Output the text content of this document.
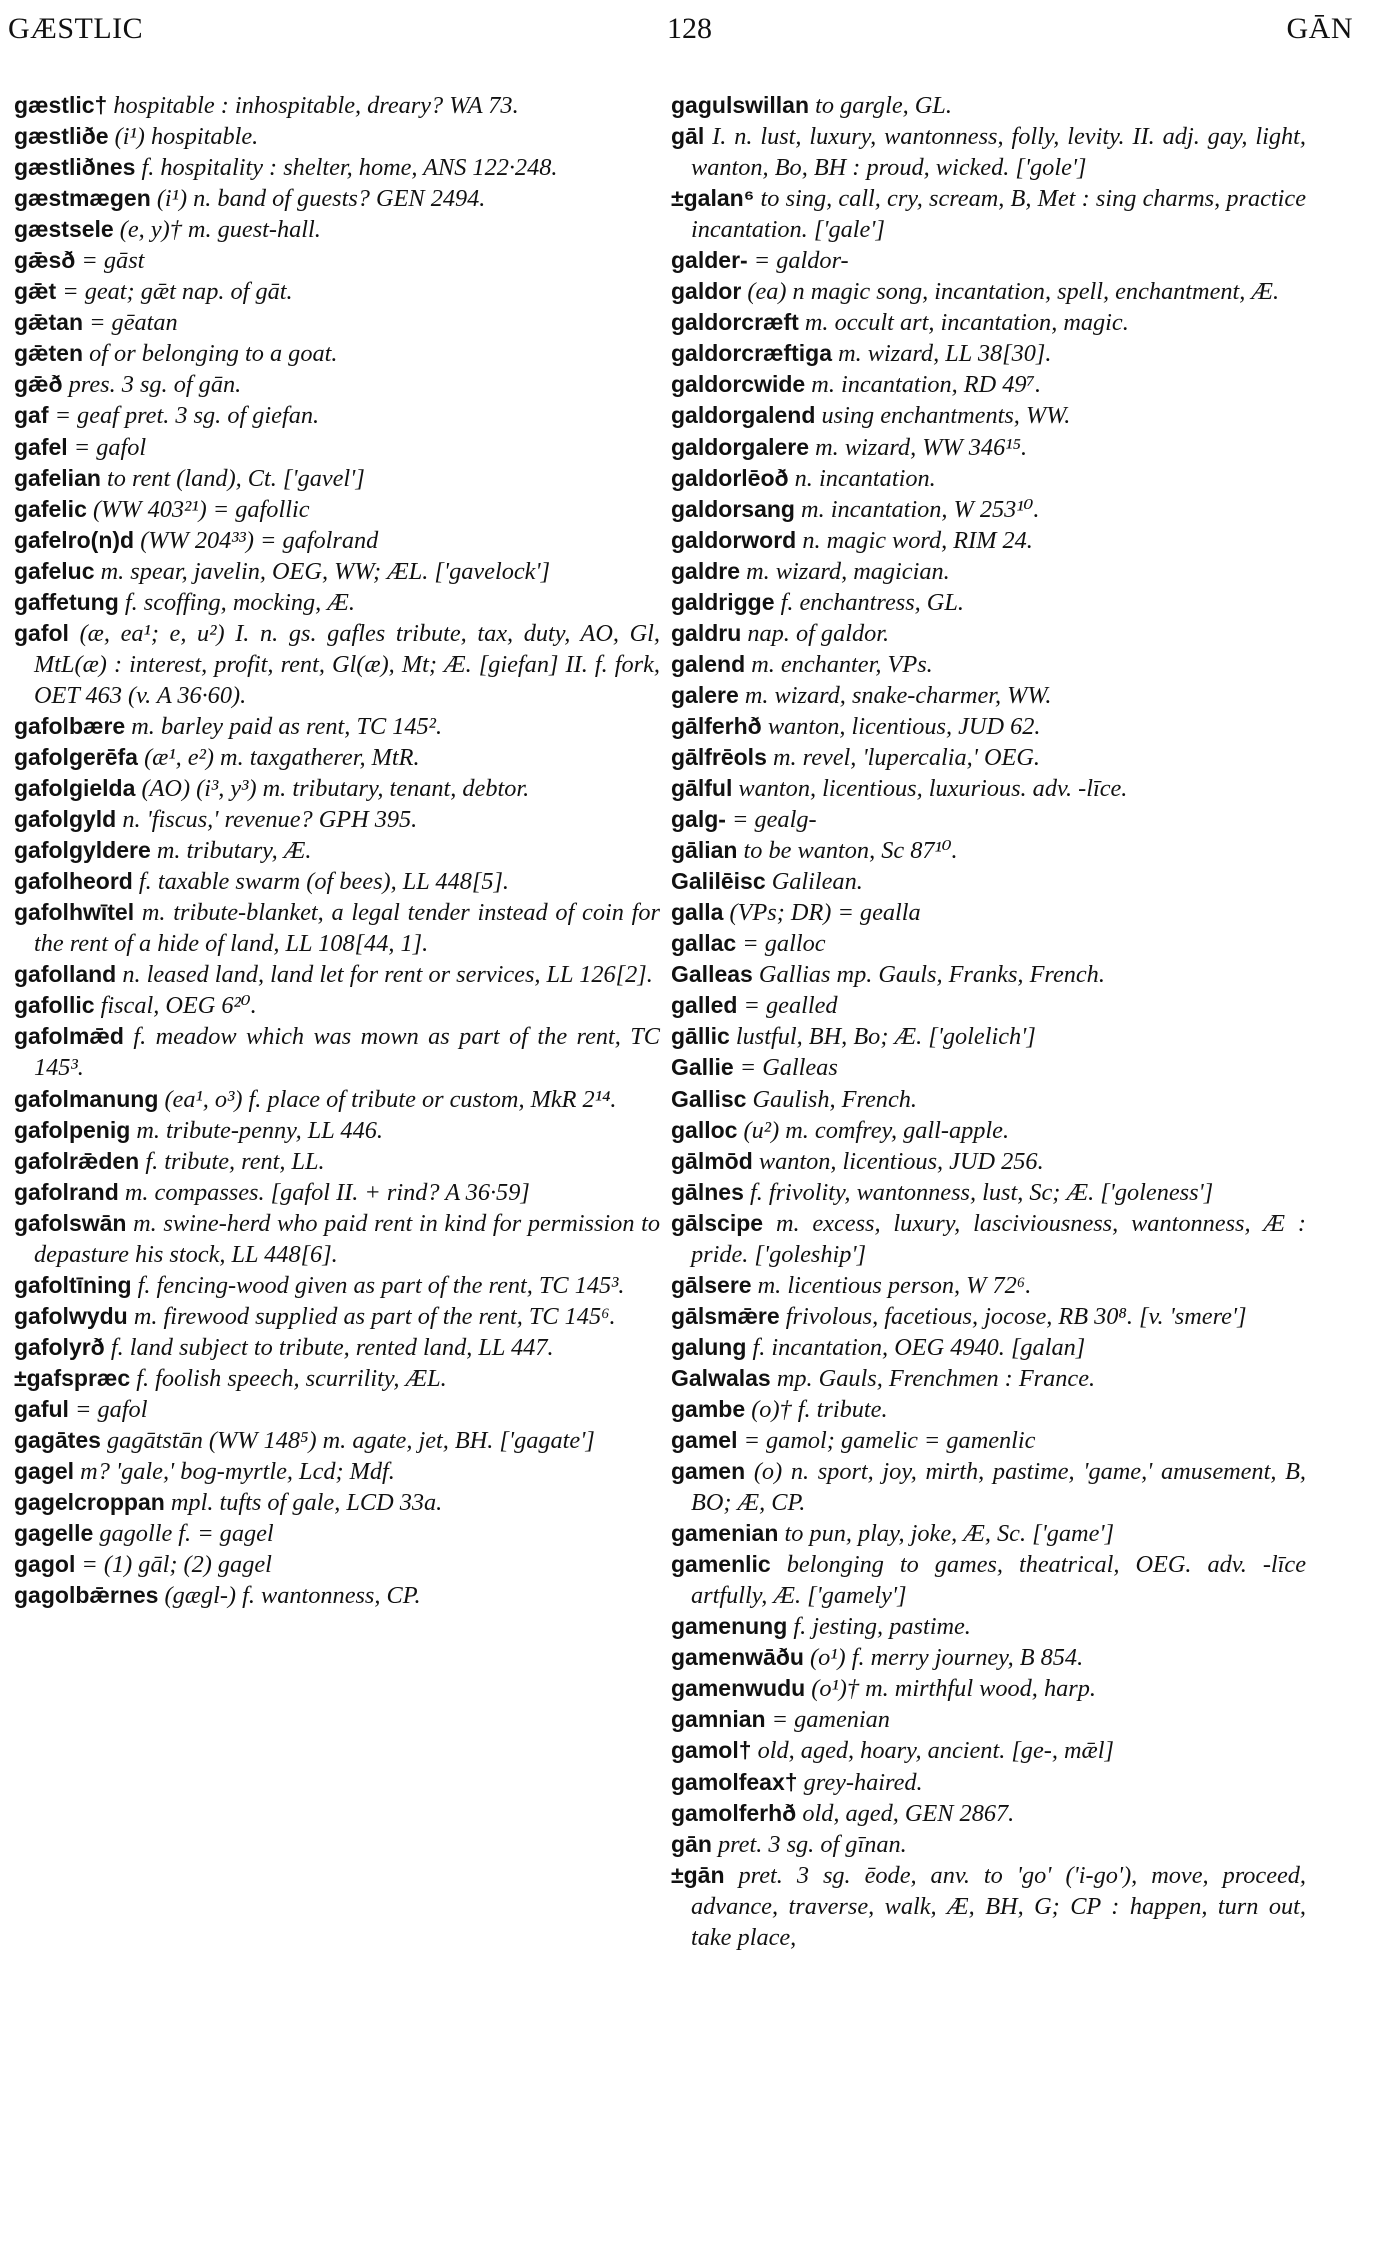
GÆSTLIC	128	GĀN

gæstlic† hospitable : inhospitable, dreary? WA 73.

gæstliðe (i¹) hospitable.

gæstliðnes f. hospitality : shelter, home, ANS 122·248.

gæstmægen (i¹) n. band of guests? GEN 2494.

gæstsele (e, y)† m. guest-hall.

gǣsð = gāst

gǣt = geat; gǣt nap. of gāt.

gǣtan = gēatan

gǣten of or belonging to a goat.

gǣð pres. 3 sg. of gān.

gaf = geaf pret. 3 sg. of giefan.

gafel = gafol

gafelian to rent (land), Ct. ['gavel']

gafelic (WW 403²¹) = gafollic

gafelro(n)d (WW 204³³) = gafolrand

gafeluc m. spear, javelin, OEG, WW; ÆL. ['gavelock']

gaffetung f. scoffing, mocking, Æ.

gafol (æ, ea¹; e, u²) I. n. gs. gafles tribute, tax, duty, AO, Gl, MtL(æ) : interest, profit, rent, Gl(æ), Mt; Æ. [giefan] II. f. fork, OET 463 (v. A 36·60).

gafolbære m. barley paid as rent, TC 145².

gafolgerēfa (æ¹, e²) m. taxgatherer, MtR.

gafolgielda (AO) (i³, y³) m. tributary, tenant, debtor.

gafolgyld n. 'fiscus,' revenue? GPH 395.

gafolgyldere m. tributary, Æ.

gafolheord f. taxable swarm (of bees), LL 448[5].

gafolhwītel m. tribute-blanket, a legal tender instead of coin for the rent of a hide of land, LL 108[44, 1].

gafolland n. leased land, land let for rent or services, LL 126[2].

gafollic fiscal, OEG 6²⁰.

gafolmǣd f. meadow which was mown as part of the rent, TC 145³.

gafolmanung (ea¹, o³) f. place of tribute or custom, MkR 2¹⁴.

gafolpenig m. tribute-penny, LL 446.

gafolrǣden f. tribute, rent, LL.

gafolrand m. compasses. [gafol II. + rind? A 36·59]

gafolswān m. swine-herd who paid rent in kind for permission to depasture his stock, LL 448[6].

gafoltīning f. fencing-wood given as part of the rent, TC 145³.

gafolwydu m. firewood supplied as part of the rent, TC 145⁶.

gafolyrð f. land subject to tribute, rented land, LL 447.

±gafspræc f. foolish speech, scurrility, ÆL.

gaful = gafol

gagātes gagātstān (WW 148⁵) m. agate, jet, BH. ['gagate']

gagel m? 'gale,' bog-myrtle, Lcd; Mdf.

gagelcroppan mpl. tufts of gale, LCD 33a.

gagelle gagolle f. = gagel

gagol = (1) gāl; (2) gagel

gagolbǣrnes (gægl-) f. wantonness, CP.

gagulswillan to gargle, GL.

gāl I. n. lust, luxury, wantonness, folly, levity. II. adj. gay, light, wanton, Bo, BH : proud, wicked. ['gole']

±galan⁶ to sing, call, cry, scream, B, Met : sing charms, practice incantation. ['gale']

galder- = galdor-

galdor (ea) n magic song, incantation, spell, enchantment, Æ.

galdorcræft m. occult art, incantation, magic.

galdorcræftiga m. wizard, LL 38[30].

galdorcwide m. incantation, RD 49⁷.

galdorgalend using enchantments, WW.

galdorgalere m. wizard, WW 346¹⁵.

galdorlēoð n. incantation.

galdorsang m. incantation, W 253¹⁰.

galdorword n. magic word, RIM 24.

galdre m. wizard, magician.

galdrigge f. enchantress, GL.

galdru nap. of galdor.

galend m. enchanter, VPs.

galere m. wizard, snake-charmer, WW.

gālferhð wanton, licentious, JUD 62.

gālfrēols m. revel, 'lupercalia,' OEG.

gālful wanton, licentious, luxurious. adv. -līce.

galg- = gealg-

gālian to be wanton, Sc 87¹⁰.

Galilēisc Galilean.

galla (VPs; DR) = gealla

gallac = galloc

Galleas Gallias mp. Gauls, Franks, French.

galled = gealled

gāllic lustful, BH, Bo; Æ. ['golelich']

Gallie = Galleas

Gallisc Gaulish, French.

galloc (u²) m. comfrey, gall-apple.

gālmōd wanton, licentious, JUD 256.

gālnes f. frivolity, wantonness, lust, Sc; Æ. ['goleness']

gālscipe m. excess, luxury, lasciviousness, wantonness, Æ : pride. ['goleship']

gālsere m. licentious person, W 72⁶.

gālsmǣre frivolous, facetious, jocose, RB 30⁸. [v. 'smere']

galung f. incantation, OEG 4940. [galan]

Galwalas mp. Gauls, Frenchmen : France.

gambe (o)† f. tribute.

gamel = gamol; gamelic = gamenlic

gamen (o) n. sport, joy, mirth, pastime, 'game,' amusement, B, BO; Æ, CP.

gamenian to pun, play, joke, Æ, Sc. ['game']

gamenlic belonging to games, theatrical, OEG. adv. -līce artfully, Æ. ['gamely']

gamenung f. jesting, pastime.

gamenwāðu (o¹) f. merry journey, B 854.

gamenwudu (o¹)† m. mirthful wood, harp.

gamnian = gamenian

gamol† old, aged, hoary, ancient. [ge-, mǣl]

gamolfeax† grey-haired.

gamolferhð old, aged, GEN 2867.

gān pret. 3 sg. of gīnan.

±gān pret. 3 sg. ēode, anv. to 'go' ('i-go'), move, proceed, advance, traverse, walk, Æ, BH, G; CP : happen, turn out, take place,
